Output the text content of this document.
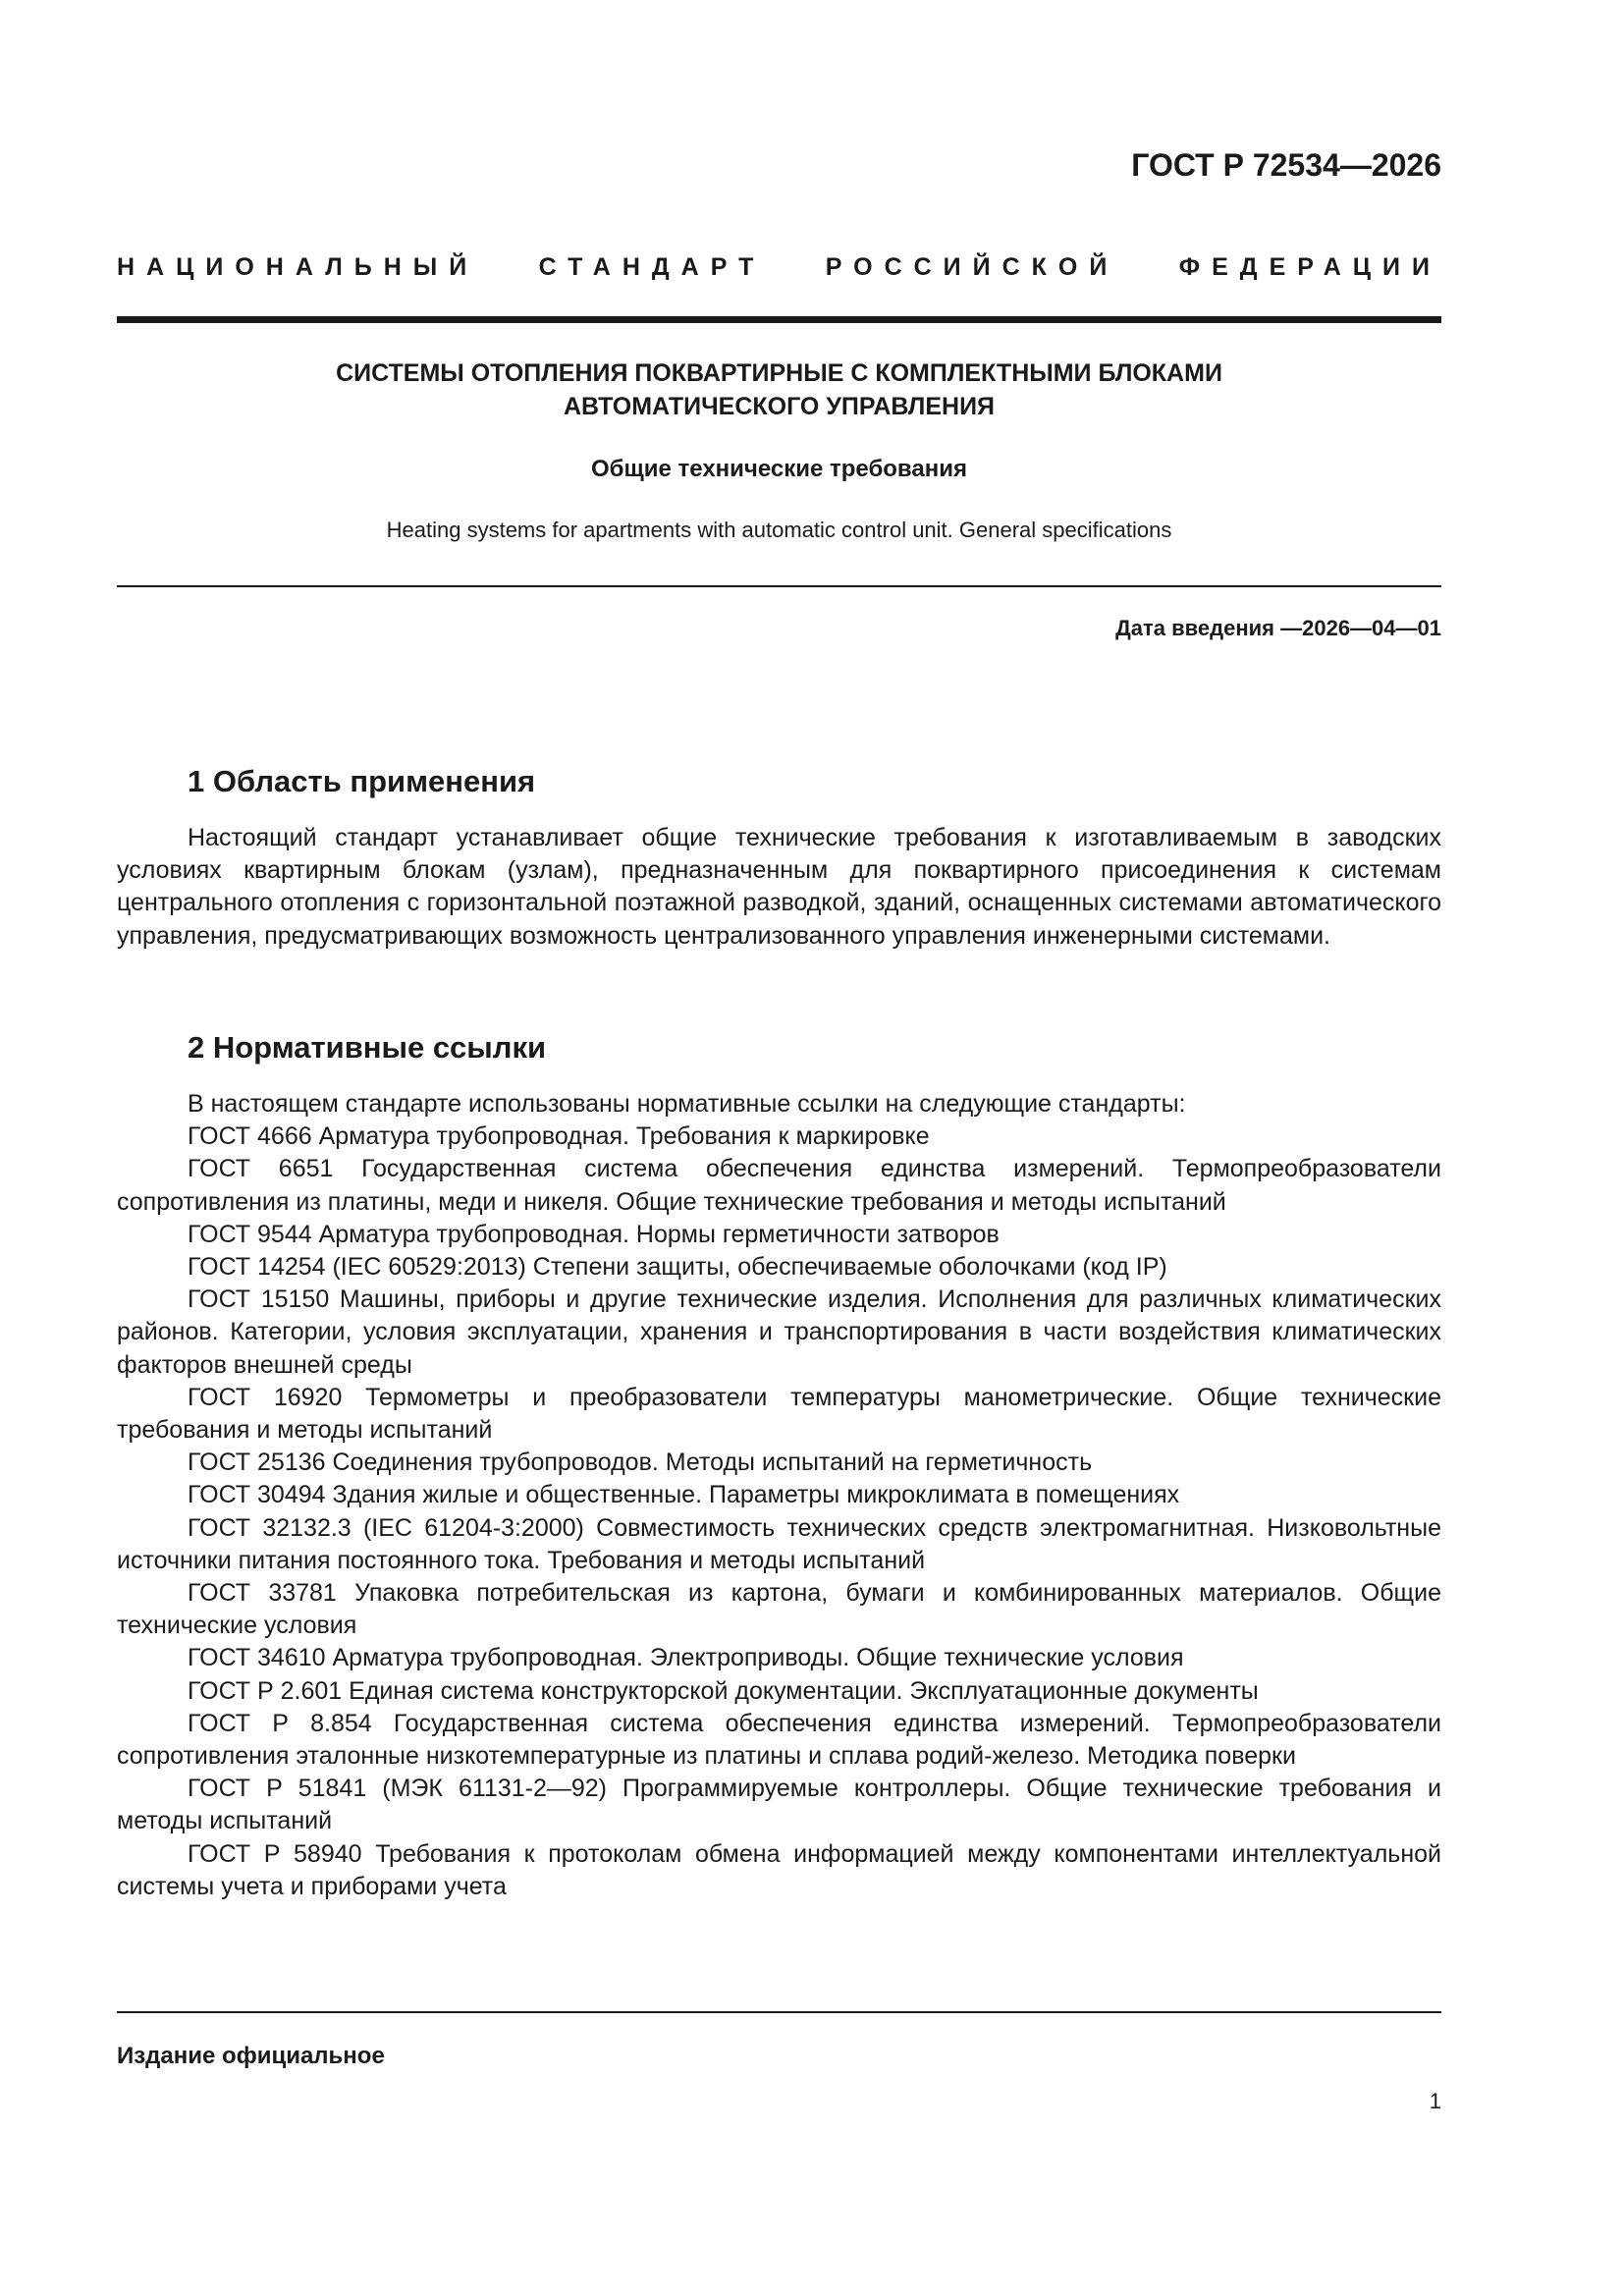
ГОСТ Р 72534—2026
НАЦИОНАЛЬНЫЙ СТАНДАРТ РОССИЙСКОЙ ФЕДЕРАЦИИ
СИСТЕМЫ ОТОПЛЕНИЯ ПОКВАРТИРНЫЕ С КОМПЛЕКТНЫМИ БЛОКАМИ
АВТОМАТИЧЕСКОГО УПРАВЛЕНИЯ
Общие технические требования
Heating systems for apartments with automatic control unit. General specifications
Дата введения —2026—04—01
1 Область применения

Настоящий стандарт устанавливает общие технические требования к изготавливаемым в заводских условиях квартирным блокам (узлам), предназначенным для поквартирного присоединения к системам центрального отопления с горизонтальной поэтажной разводкой, зданий, оснащенных системами автоматического управления, предусматривающих возможность централизованного управления инженерными системами.

2 Нормативные ссылки

В настоящем стандарте использованы нормативные ссылки на следующие стандарты:

ГОСТ 4666 Арматура трубопроводная. Требования к маркировке

ГОСТ 6651 Государственная система обеспечения единства измерений. Термопреобразователи сопротивления из платины, меди и никеля. Общие технические требования и методы испытаний

ГОСТ 9544 Арматура трубопроводная. Нормы герметичности затворов

ГОСТ 14254 (IEC 60529:2013) Степени защиты, обеспечиваемые оболочками (код IP)

ГОСТ 15150 Машины, приборы и другие технические изделия. Исполнения для различных климатических районов. Категории, условия эксплуатации, хранения и транспортирования в части воздействия климатических факторов внешней среды

ГОСТ 16920 Термометры и преобразователи температуры манометрические. Общие технические требования и методы испытаний

ГОСТ 25136 Соединения трубопроводов. Методы испытаний на герметичность

ГОСТ 30494 Здания жилые и общественные. Параметры микроклимата в помещениях

ГОСТ 32132.3 (IEC 61204-3:2000) Совместимость технических средств электромагнитная. Низковольтные источники питания постоянного тока. Требования и методы испытаний

ГОСТ 33781 Упаковка потребительская из картона, бумаги и комбинированных материалов. Общие технические условия

ГОСТ 34610 Арматура трубопроводная. Электроприводы. Общие технические условия

ГОСТ Р 2.601 Единая система конструкторской документации. Эксплуатационные документы

ГОСТ Р 8.854 Государственная система обеспечения единства измерений. Термопреобразователи сопротивления эталонные низкотемпературные из платины и сплава родий-железо. Методика поверки

ГОСТ Р 51841 (МЭК 61131-2—92) Программируемые контроллеры. Общие технические требования и методы испытаний

ГОСТ Р 58940 Требования к протоколам обмена информацией между компонентами интеллектуальной системы учета и приборами учета

Издание официальное
1
